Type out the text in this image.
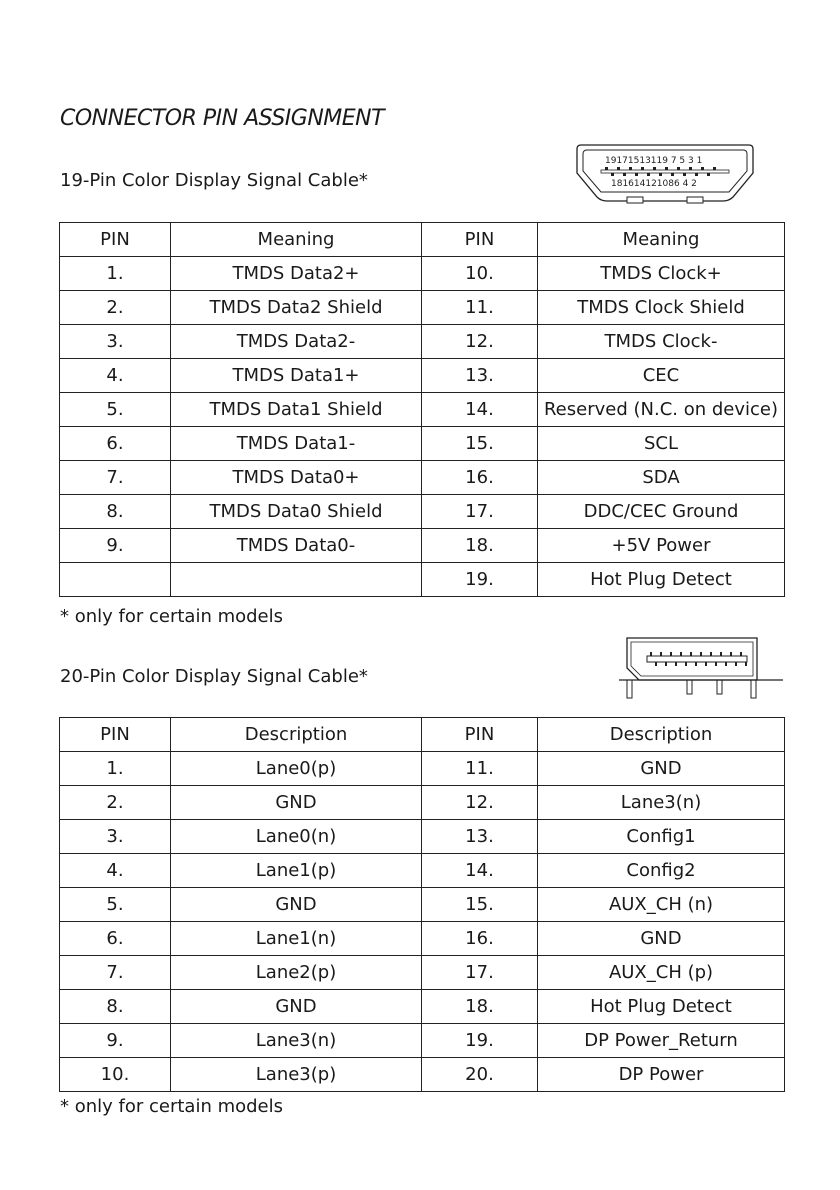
CONNECTOR PIN ASSIGNMENT
19-Pin Color Display Signal Cable*
19171513119 7 5 3 1
181614121086 4 2
PIN	Meaning	PIN	Meaning
1.	TMDS Data2+	10.	TMDS Clock+
2.	TMDS Data2 Shield	11.	TMDS Clock Shield
3.	TMDS Data2-	12.	TMDS Clock-
4.	TMDS Data1+	13.	CEC
5.	TMDS Data1 Shield	14.	Reserved (N.C. on device)
6.	TMDS Data1-	15.	SCL
7.	TMDS Data0+	16.	SDA
8.	TMDS Data0 Shield	17.	DDC/CEC Ground
9.	TMDS Data0-	18.	+5V Power
		19.	Hot Plug Detect
* only for certain models
20-Pin Color Display Signal Cable*
PIN	Description	PIN	Description
1.	Lane0(p)	11.	GND
2.	GND	12.	Lane3(n)
3.	Lane0(n)	13.	Config1
4.	Lane1(p)	14.	Config2
5.	GND	15.	AUX_CH (n)
6.	Lane1(n)	16.	GND
7.	Lane2(p)	17.	AUX_CH (p)
8.	GND	18.	Hot Plug Detect
9.	Lane3(n)	19.	DP Power_Return
10.	Lane3(p)	20.	DP Power
* only for certain models
